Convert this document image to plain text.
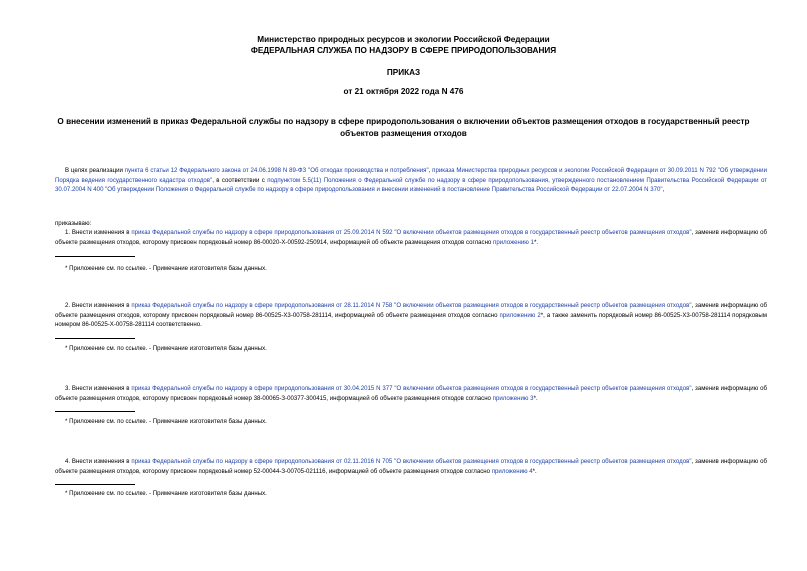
Министерство природных ресурсов и экологии Российской Федерации
ФЕДЕРАЛЬНАЯ СЛУЖБА ПО НАДЗОРУ В СФЕРЕ ПРИРОДОПОЛЬЗОВАНИЯ
ПРИКАЗ
от 21 октября 2022 года N 476
О внесении изменений в приказ Федеральной службы по надзору в сфере природопользования о включении объектов размещения отходов в государственный реестр объектов размещения отходов

В целях реализации пункта 6 статьи 12 Федерального закона от 24.06.1998 N 89-ФЗ "Об отходах производства и потребления", приказа Министерства природных ресурсов и экологии Российской Федерации от 30.09.2011 N 792 "Об утверждении Порядка ведения государственного кадастра отходов", в соответствии с подпунктом 5.5(11) Положения о Федеральной службе по надзору в сфере природопользования, утвержденного постановлением Правительства Российской Федерации от 30.07.2004 N 400 "Об утверждении Положения о Федеральной службе по надзору в сфере природопользования и внесении изменений в постановление Правительства Российской Федерации от 22.07.2004 N 370",

приказываю:

1. Внести изменения в приказ Федеральной службы по надзору в сфере природопользования от 25.09.2014 N 592 "О включении объектов размещения отходов в государственный реестр объектов размещения отходов", заменив информацию об объекте размещения отходов, которому присвоен порядковый номер 86-00020-Х-00592-250914, информацией об объекте размещения отходов согласно приложению 1*.

* Приложение см. по ссылке. - Примечание изготовителя базы данных.

2. Внести изменения в приказ Федеральной службы по надзору в сфере природопользования от 28.11.2014 N 758 "О включении объектов размещения отходов в государственный реестр объектов размещения отходов", заменив информацию об объекте размещения отходов, которому присвоен порядковый номер 86-00525-Х3-00758-281114, информацией об объекте размещения отходов согласно приложению 2*, а также заменить порядковый номер 86-00525-Х3-00758-281114 порядковым номером 86-00525-Х-00758-281114 соответственно.

* Приложение см. по ссылке. - Примечание изготовителя базы данных.

3. Внести изменения в приказ Федеральной службы по надзору в сфере природопользования от 30.04.2015 N 377 "О включении объектов размещения отходов в государственный реестр объектов размещения отходов", заменив информацию об объекте размещения отходов, которому присвоен порядковый номер 38-00065-З-00377-300415, информацией об объекте размещения отходов согласно приложению 3*.

* Приложение см. по ссылке. - Примечание изготовителя базы данных.

4. Внести изменения в приказ Федеральной службы по надзору в сфере природопользования от 02.11.2016 N 705 "О включении объектов размещения отходов в государственный реестр объектов размещения отходов", заменив информацию об объекте размещения отходов, которому присвоен порядковый номер 52-00044-З-00705-021116, информацией об объекте размещения отходов согласно приложению 4*.

* Приложение см. по ссылке. - Примечание изготовителя базы данных.
